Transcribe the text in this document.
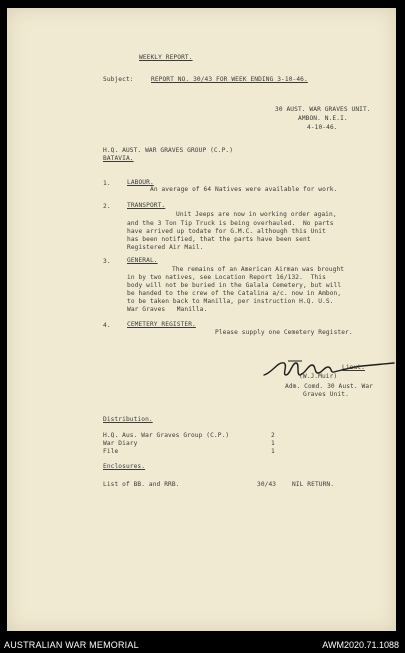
WEEKLY REPORT.
Subject:	REPORT NO. 30/43 FOR WEEK ENDING 3-10-46.
30 AUST. WAR GRAVES UNIT.
AMBON. N.E.I.
4-10-46.
H.Q. AUST. WAR GRAVES GROUP (C.P.)
BATAVIA.
1.	LABOUR.
An average of 64 Natives were available for work.
2.	TRANSPORT.
Unit Jeeps are now in working order again,
and the 3 Ton Tip Truck is being overhauled.  No parts
have arrived up todate for G.M.C. although this Unit
has been notified, that the parts have been sent
Registered Air Mail.
3.	GENERAL.
The remains of an American Airman was brought
in by two natives, see Location Report 16/132.  This
body will not be buried in the Galala Cemetery, but will
be handed to the crew of the Catalina a/c. now in Ambon,
to be taken back to Manilla, per instruction H.Q. U.S.
War Graves   Manilla.
4.	CEMETERY REGISTER.
Please supply one Cemetery Register.
Lieut.
(W.J.Muir)
Adm. Comd. 30 Aust. War
Graves Unit.
Distribution.
H.Q. Aus. War Graves Group (C.P.)	2
War Diary	1
File	1
Enclosures.
List of BB. and RRB.	30/43	NIL RETURN.
AUSTRALIAN WAR MEMORIAL	AWM2020.71.1088
